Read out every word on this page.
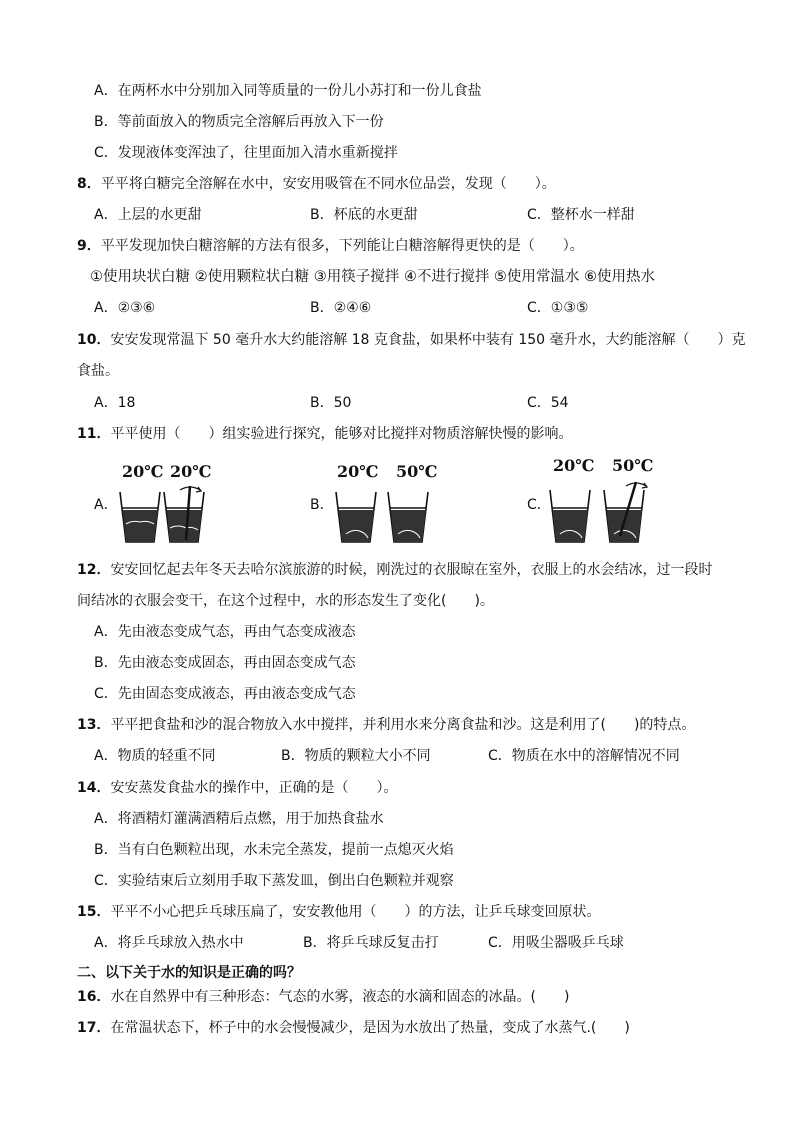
A．在两杯水中分别加入同等质量的一份儿小苏打和一份儿食盐
B．等前面放入的物质完全溶解后再放入下一份
C．发现液体变浑浊了，往里面加入清水重新搅拌
8．平平将白糖完全溶解在水中，安安用吸管在不同水位品尝，发现（　　）。
A．上层的水更甜	B．杯底的水更甜	C．整杯水一样甜
9．平平发现加快白糖溶解的方法有很多，下列能让白糖溶解得更快的是（　　）。
①使用块状白糖 ②使用颗粒状白糖 ③用筷子搅拌 ④不进行搅拌 ⑤使用常温水 ⑥使用热水
A．②③⑥	B．②④⑥	C．①③⑤
10．安安发现常温下 50 毫升水大约能溶解 18 克食盐，如果杯中装有 150 毫升水，大约能溶解（　　）克
食盐。
A．18	B．50	C．54
11．平平使用（　　）组实验进行探究，能够对比搅拌对物质溶解快慢的影响。
A．
20℃ 20℃
B．
20℃ 50℃
C．
20℃ 50℃
12．安安回忆起去年冬天去哈尔滨旅游的时候，刚洗过的衣服晾在室外，衣服上的水会结冰，过一段时
间结冰的衣服会变干，在这个过程中，水的形态发生了变化(　　)。
A．先由液态变成气态，再由气态变成液态
B．先由液态变成固态，再由固态变成气态
C．先由固态变成液态，再由液态变成气态
13．平平把食盐和沙的混合物放入水中搅拌，并利用水来分离食盐和沙。这是利用了(　　)的特点。
A．物质的轻重不同	B．物质的颗粒大小不同	C．物质在水中的溶解情况不同
14．安安蒸发食盐水的操作中，正确的是（　　）。
A．将酒精灯灌满酒精后点燃，用于加热食盐水
B．当有白色颗粒出现，水未完全蒸发，提前一点熄灭火焰
C．实验结束后立刻用手取下蒸发皿，倒出白色颗粒并观察
15．平平不小心把乒乓球压扁了，安安教他用（　　）的方法，让乒乓球变回原状。
A．将乒乓球放入热水中	B．将乒乓球反复击打	C．用吸尘器吸乒乓球
二、以下关于水的知识是正确的吗？
16．水在自然界中有三种形态：气态的水雾，液态的水滴和固态的冰晶。(　　)
17．在常温状态下，杯子中的水会慢慢减少，是因为水放出了热量，变成了水蒸气.(　　)
